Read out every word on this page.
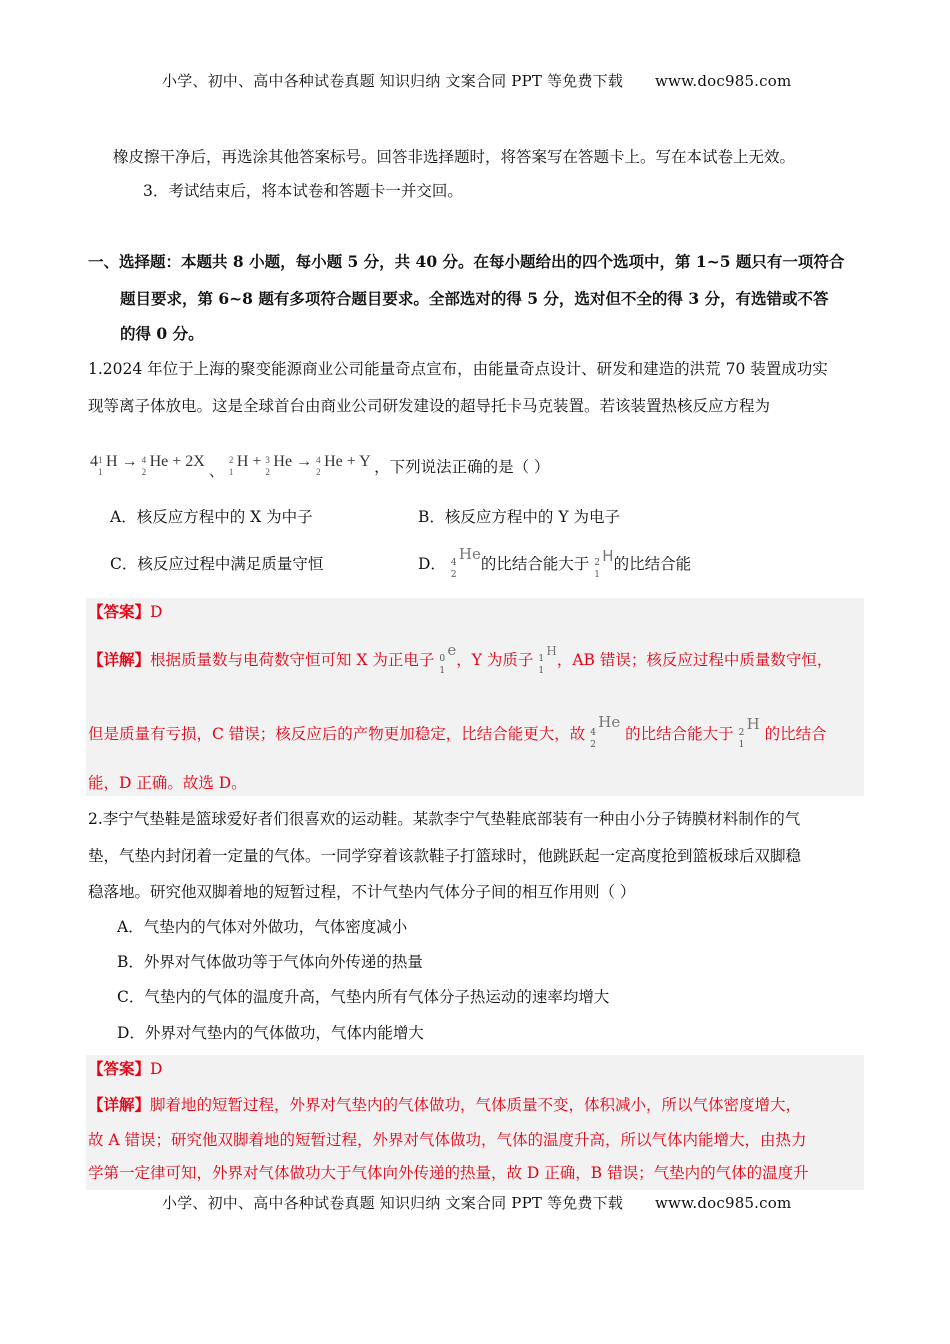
小学、初中、高中各种试卷真题 知识归纳 文案合同 PPT 等免费下载 www.doc985.com
橡皮擦干净后，再选涂其他答案标号。回答非选择题时，将答案写在答题卡上。写在本试卷上无效。
3．考试结束后，将本试卷和答题卡一并交回。
一、选择题：本题共 8 小题，每小题 5 分，共 40 分。在每小题给出的四个选项中，第 1~5 题只有一项符合
题目要求，第 6~8 题有多项符合题目要求。全部选对的得 5 分，选对但不全的得 3 分，有选错或不答
的得 0 分。
1.2024 年位于上海的聚变能源商业公司能量奇点宣布，由能量奇点设计、研发和建造的洪荒 70 装置成功实
现等离子体放电。这是全球首台由商业公司研发建设的超导托卡马克装置。若该装置热核反应方程为
4 1
1
H → 4
2
He + 2X 、
2
1
H + 3
2
He → 4
2
He + Y ，下列说法正确的是（ ）
A．核反应方程中的 X 为中子	B．核反应方程中的 Y 为电子
C．核反应过程中满足质量守恒	D． 4
2
He的比结合能大于 2
1
H的比结合能
【答案】D
【详解】根据质量数与电荷数守恒可知 X 为正电子 0
1
e，Y 为质子 1
1
$^H$，AB 错误；核反应过程中质量数守恒，
但是质量有亏损，C 错误；核反应后的产物更加稳定，比结合能更大，故 4
2
He 的比结合能大于 2
1
H 的比结合
能，D 正确。故选 D。
2.李宁气垫鞋是篮球爱好者们很喜欢的运动鞋。某款李宁气垫鞋底部装有一种由小分子铸膜材料制作的气
垫，气垫内封闭着一定量的气体。一同学穿着该款鞋子打篮球时，他跳跃起一定高度抢到篮板球后双脚稳
稳落地。研究他双脚着地的短暂过程，不计气垫内气体分子间的相互作用则（ ）
A．气垫内的气体对外做功，气体密度减小
B．外界对气体做功等于气体向外传递的热量
C．气垫内的气体的温度升高，气垫内所有气体分子热运动的速率均增大
D．外界对气垫内的气体做功，气体内能增大
【答案】D
【详解】脚着地的短暂过程，外界对气垫内的气体做功，气体质量不变，体积减小，所以气体密度增大，
故 A 错误；研究他双脚着地的短暂过程，外界对气体做功，气体的温度升高，所以气体内能增大，由热力
学第一定律可知，外界对气体做功大于气体向外传递的热量，故 D 正确，B 错误；气垫内的气体的温度升
小学、初中、高中各种试卷真题 知识归纳 文案合同 PPT 等免费下载 www.doc985.com
